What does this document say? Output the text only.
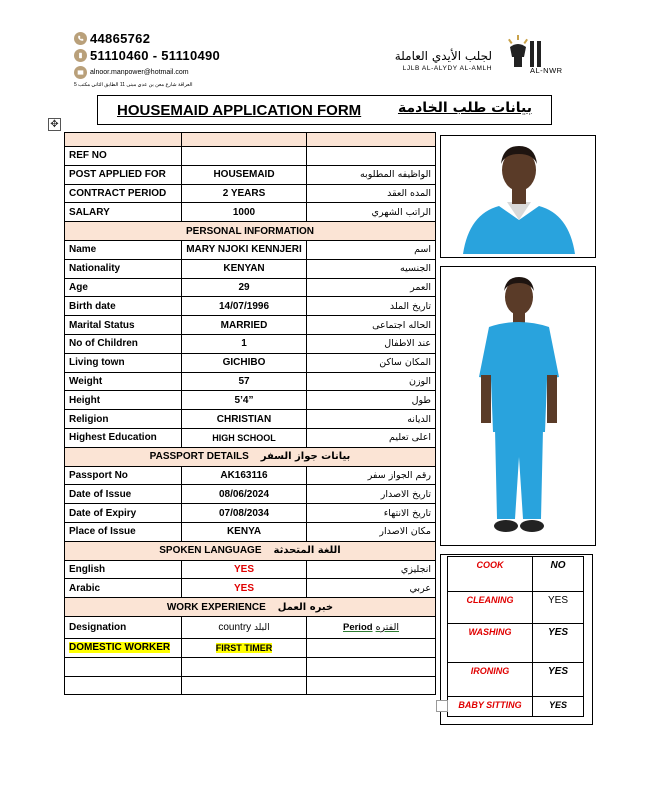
44865762
51110460 - 51110490
alnoor.manpower@hotmail.com
العراقة شارع معن بن عدي مبنى 11 الطابق الثاني مكتب 5
لجلب الأيدي العاملة
LJLB AL-ALYDY AL-AMLH	AL-NWR
HOUSEMAID APPLICATION FORM	بيانات طلب الخادمة
✥

REF NO		
POST APPLIED FOR	HOUSEMAID	الواظيفه المطلوبه
CONTRACT PERIOD	2 YEARS	المده العقد
SALARY	1000	الراتب الشهري
PERSONAL INFORMATION		
Name	MARY NJOKI KENNJERI	اسم
Nationality	KENYAN	الجنسيه
Age	29	العمر
Birth date	14/07/1996	تاريخ الملد
Marital Status	MARRIED	الحاله اجتماعى
No of Children	1	عند الاطفال
Living town	GICHIBO	المكان ساكن
Weight	57	الوزن
Height	5’4”	طول
Religion	CHRISTIAN	الديانه
Highest Education	HIGH SCHOOL	اعلى تعليم
PASSPORT DETAILS بيانات جواز السفر		
Passport No	AK163116	رقم الجواز سفر
Date of Issue	08/06/2024	تاريخ الاصدار
Date of Expiry	07/08/2034	تاريخ الانتهاء
Place of Issue	KENYA	مكان الاصدار
SPOKEN LANGUAGE اللغة المتحدثة		
English	YES	انجليزي
Arabic	YES	عربي
WORK EXPERIENCE خبره العمل		
Designation	country البلد	الفتره Period
DOMESTIC WORKER	FIRST TIMER	

COOK	NO
CLEANING	YES
WASHING	YES
IRONING	YES
BABY SITTING	YES
